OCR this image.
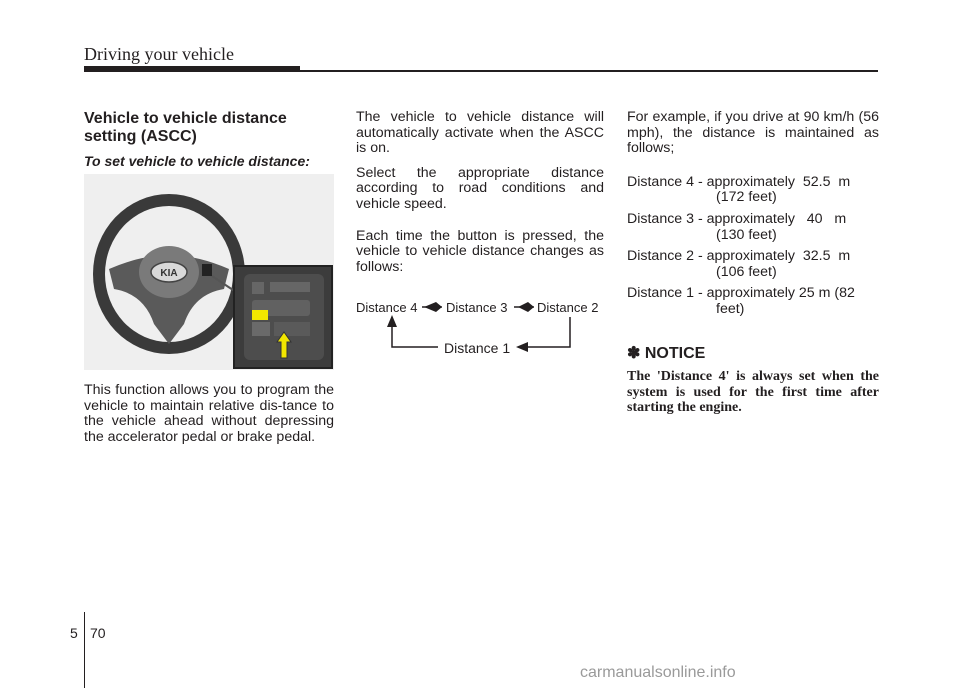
Driving your vehicle
Vehicle to vehicle distance setting (ASCC)
To set vehicle to vehicle distance:
KIA

This function allows you to program the vehicle to maintain relative dis-tance to the vehicle ahead without depressing the accelerator pedal or brake pedal.

The vehicle to vehicle distance will automatically activate when the ASCC is on.

Select the appropriate distance according to road conditions and vehicle speed.

Each time the button is pressed, the vehicle to vehicle distance changes as follows:

Distance 4 Distance 3 Distance 2
Distance 1

For example, if you drive at 90 km/h (56 mph), the distance is maintained as follows;

Distance 4 - approximately  52.5  m
(172 feet)
Distance 3 - approximately   40   m
(130 feet)
Distance 2 - approximately  32.5  m
(106 feet)
Distance 1 - approximately 25 m (82
feet)
✽ NOTICE
The 'Distance 4' is always set when the system is used for the first time after starting the engine.
5 70
carmanualsonline.info
